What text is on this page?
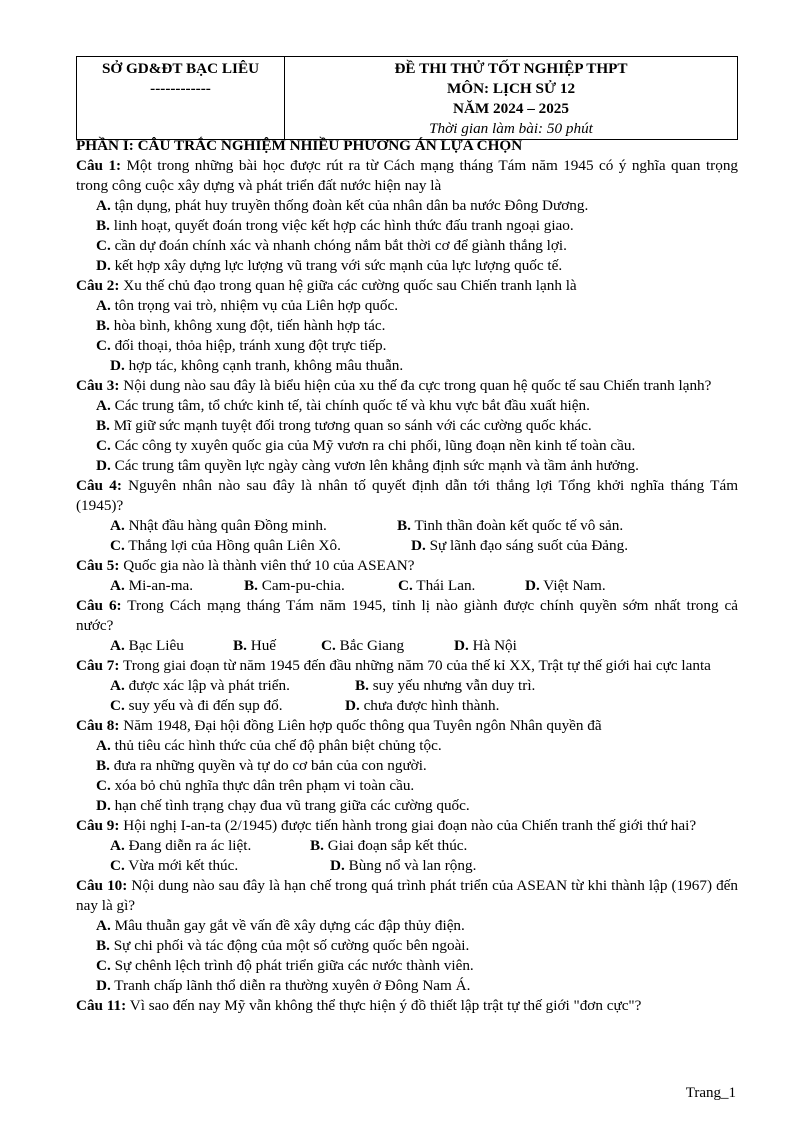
SỞ GD&ĐT BẠC LIÊU
------------

ĐỀ THI THỬ TỐT NGHIỆP THPT
MÔN: LỊCH SỬ 12
NĂM 2024 – 2025
Thời gian làm bài: 50 phút
PHẦN I: CÂU TRẮC NGHIỆM NHIỀU PHƯƠNG ÁN LỰA CHỌN
Câu 1: Một trong những bài học được rút ra từ Cách mạng tháng Tám năm 1945 có ý nghĩa quan trọng trong công cuộc xây dựng và phát triển đất nước hiện nay là
A. tận dụng, phát huy truyền thống đoàn kết của nhân dân ba nước Đông Dương.
B. linh hoạt, quyết đoán trong việc kết hợp các hình thức đấu tranh ngoại giao.
C. cần dự đoán chính xác và nhanh chóng nắm bắt thời cơ để giành thắng lợi.
D. kết hợp xây dựng lực lượng vũ trang với sức mạnh của lực lượng quốc tế.
Câu 2: Xu thế chủ đạo trong quan hệ giữa các cường quốc sau Chiến tranh lạnh là
A. tôn trọng vai trò, nhiệm vụ của Liên hợp quốc.
B. hòa bình, không xung đột, tiến hành hợp tác.
C. đối thoại, thỏa hiệp, tránh xung đột trực tiếp.
D. hợp tác, không cạnh tranh, không mâu thuẫn.
Câu 3: Nội dung nào sau đây là biểu hiện của xu thế đa cực trong quan hệ quốc tế sau Chiến tranh lạnh?
A. Các trung tâm, tổ chức kinh tế, tài chính quốc tế và khu vực bắt đầu xuất hiện.
B. Mĩ giữ sức mạnh tuyệt đối trong tương quan so sánh với các cường quốc khác.
C. Các công ty xuyên quốc gia của Mỹ vươn ra chi phối, lũng đoạn nền kinh tế toàn cầu.
D. Các trung tâm quyền lực ngày càng vươn lên khẳng định sức mạnh và tầm ảnh hưởng.
Câu 4: Nguyên nhân nào sau đây là nhân tố quyết định dẫn tới thắng lợi Tổng khởi nghĩa tháng Tám (1945)?
A. Nhật đầu hàng quân Đồng minh.	B. Tinh thần đoàn kết quốc tế vô sản.
C. Thắng lợi của Hồng quân Liên Xô.	D. Sự lãnh đạo sáng suốt của Đảng.
Câu 5: Quốc gia nào là thành viên thứ 10 của ASEAN?
A. Mi-an-ma.	B. Cam-pu-chia.	C. Thái Lan.	D. Việt Nam.
Câu 6: Trong Cách mạng tháng Tám năm 1945, tỉnh lị nào giành được chính quyền sớm nhất trong cả nước?
A. Bạc Liêu	B. Huế	C. Bắc Giang	D. Hà Nội
Câu 7: Trong giai đoạn từ năm 1945 đến đầu những năm 70 của thế kỉ XX, Trật tự thế giới hai cực lanta
A. được xác lập và phát triển.	B. suy yếu nhưng vẫn duy trì.
C. suy yếu và đi đến sụp đổ.	D. chưa được hình thành.
Câu 8: Năm 1948, Đại hội đồng Liên hợp quốc thông qua Tuyên ngôn Nhân quyền đã
A. thủ tiêu các hình thức của chế độ phân biệt chủng tộc.
B. đưa ra những quyền và tự do cơ bản của con người.
C. xóa bỏ chủ nghĩa thực dân trên phạm vi toàn cầu.
D. hạn chế tình trạng chạy đua vũ trang giữa các cường quốc.
Câu 9: Hội nghị I-an-ta (2/1945) được tiến hành trong giai đoạn nào của Chiến tranh thế giới thứ hai?
A. Đang diễn ra ác liệt.	B. Giai đoạn sắp kết thúc.
C. Vừa mới kết thúc.	D. Bùng nổ và lan rộng.
Câu 10: Nội dung nào sau đây là hạn chế trong quá trình phát triển của ASEAN từ khi thành lập (1967) đến nay là gì?
A. Mâu thuẫn gay gắt về vấn đề xây dựng các đập thủy điện.
B. Sự chi phối và tác động của một số cường quốc bên ngoài.
C. Sự chênh lệch trình độ phát triển giữa các nước thành viên.
D. Tranh chấp lãnh thổ diễn ra thường xuyên ở Đông Nam Á.
Câu 11: Vì sao đến nay Mỹ vẫn không thể thực hiện ý đồ thiết lập trật tự thế giới "đơn cực"?
Trang_1
